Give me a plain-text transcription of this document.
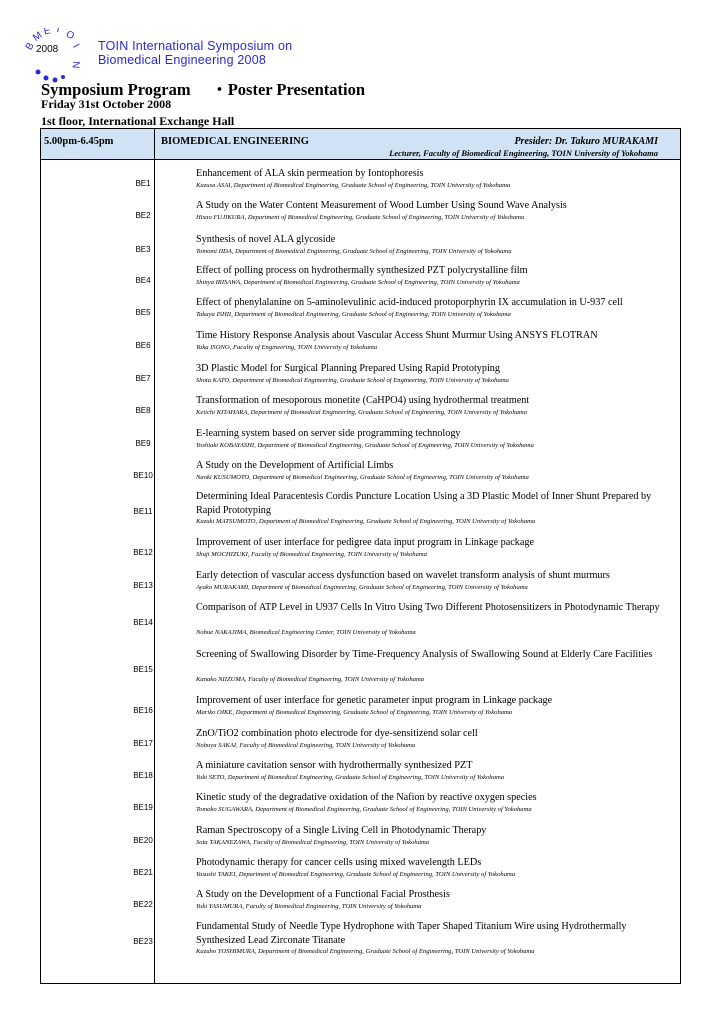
B
M
E T O
I
N
2008	TOIN International Symposium on
Biomedical Engineering 2008
Symposium Program 　・Poster Presentation
Friday 31st October 2008
1st floor, International Exchange Hall
5.00pm-6.45pm	BIOMEDICAL ENGINEERING	Presider: Dr. Takuro MURAKAMI
Lecturer, Faculty of Biomedical Engineering, TOIN University of Yokohama
BE1
Enhancement of ALA skin permeation by Iontophoresis
Kazusa ASAI, Department of Biomedical Engineering, Graduate School of Engineering, TOIN University of Yokohama
BE2
A Study on the Water Content Measurement of Wood Lumber Using Sound Wave Analysis
Hisao FUJIKURA, Department of Biomedical Engineering, Graduate School of Engineering, TOIN University of Yokohama
BE3
Synthesis of novel ALA glycoside
Tomomi IIDA, Department of Biomedical Engineering, Graduate School of Engineering, TOIN University of Yokohama
BE4
Effect of polling process on hydrothermally synthesized PZT polycrystalline film
Shinya IRISAWA, Department of Biomedical Engineering, Graduate School of Engineering, TOIN University of Yokohama
BE5
Effect of phenylalanine on 5-aminolevulinic acid-induced protoporphyrin IX accumulation in U-937 cell
Takuya ISHII, Department of Biomedical Engineering, Graduate School of Engineering, TOIN University of Yokohama
BE6
Time History Response Analysis about Vascular Access Shunt Murmur Using ANSYS FLOTRAN
Yuka ISONO, Faculty of Engineering, TOIN University of Yokohama
BE7
3D Plastic Model for Surgical Planning Prepared Using Rapid Prototyping
Shota KATO, Department of Biomedical Engineering, Graduate School of Engineering, TOIN University of Yokohama
BE8
Transformation of mesoporous monetite (CaHPO4) using hydrothermal treatment
Keiichi KITAHARA, Department of Biomedical Engineering, Graduate School of Engineering, TOIN University of Yokohama
BE9
E-learning system based on server side programming technology
Yoshiaki KOBAYASHI, Department of Biomedical Engineering, Graduate School of Engineering, TOIN University of Yokohama
BE10
A Study on the Development of Artificial Limbs
Naoki KUSUMOTO, Department of Biomedical Engineering, Graduate School of Engineering, TOIN University of Yokohama
BE11
Determining Ideal Paracentesis Cordis Puncture Location Using a 3D Plastic Model of Inner Shunt Prepared by Rapid Prototyping
Kazuki MATSUMOTO, Department of Biomedical Engineering, Graduate School of Engineering, TOIN University of Yokohama
BE12
Improvement of user interface for pedigree data input program in Linkage package
Shuji MOCHIZUKI, Faculty of Biomedical Engineering, TOIN University of Yokohama
BE13
Early detection of vascular access dysfunction based on wavelet transform analysis of shunt murmurs
Ayako MURAKAMI, Department of Biomedical Engineering, Graduate School of Engineering, TOIN University of Yokohama
BE14
Comparison of ATP Level in U937 Cells In Vitro Using Two Different Photosensitizers in Photodynamic Therapy
Nobue NAKAJIMA, Biomedical Engineering Center, TOIN University of Yokohama
BE15
Screening of Swallowing Disorder by Time-Frequency Analysis of Swallowing Sound at Elderly Care Facilities
Kanako NIIZUMA, Faculty of Biomedical Engineering, TOIN University of Yokohama
BE16
Improvement of user interface for genetic parameter input program in Linkage package
Mariko OIKE, Department of Biomedical Engineering, Graduate School of Engineering, TOIN University of Yokohama
BE17
ZnO/TiO2 combination photo electrode for dye-sensitizend solar cell
Nobuya SAKAI, Faculty of Biomedical Engineering, TOIN University of Yokohama
BE18
A miniature cavitation sensor with hydrothermally synthesized PZT
Yuki SETO, Department of Biomedical Engineering, Graduate School of Engineering, TOIN University of Yokohama
BE19
Kinetic study of the degradative oxidation of the Nafion by reactive oxygen species
Tomoko SUGAWARA, Department of Biomedical Engineering, Graduate School of Engineering, TOIN University of Yokohama
BE20
Raman Spectroscopy of a Single Living Cell in Photodynamic Therapy
Sota TAKANEZAWA, Faculty of Biomedical Engineering, TOIN University of Yokohama
BE21
Photodynamic therapy for cancer cells using mixed wavelength LEDs
Yasushi TAKEI, Department of Biomedical Engineering, Graduate School of Engineering, TOIN University of Yokohama
BE22
A Study on the Development of a Functional Facial Prosthesis
Yuki YASUMURA, Faculty of Biomedical Engineering, TOIN University of Yokohama
BE23
Fundamental Study of Needle Type Hydrophone with Taper Shaped Titanium Wire using Hydrothermally Synthesized Lead Zirconate Titanate
Kazuho YOSHIMURA, Department of Biomedical Engineering, Graduate School of Engineering, TOIN University of Yokohama
